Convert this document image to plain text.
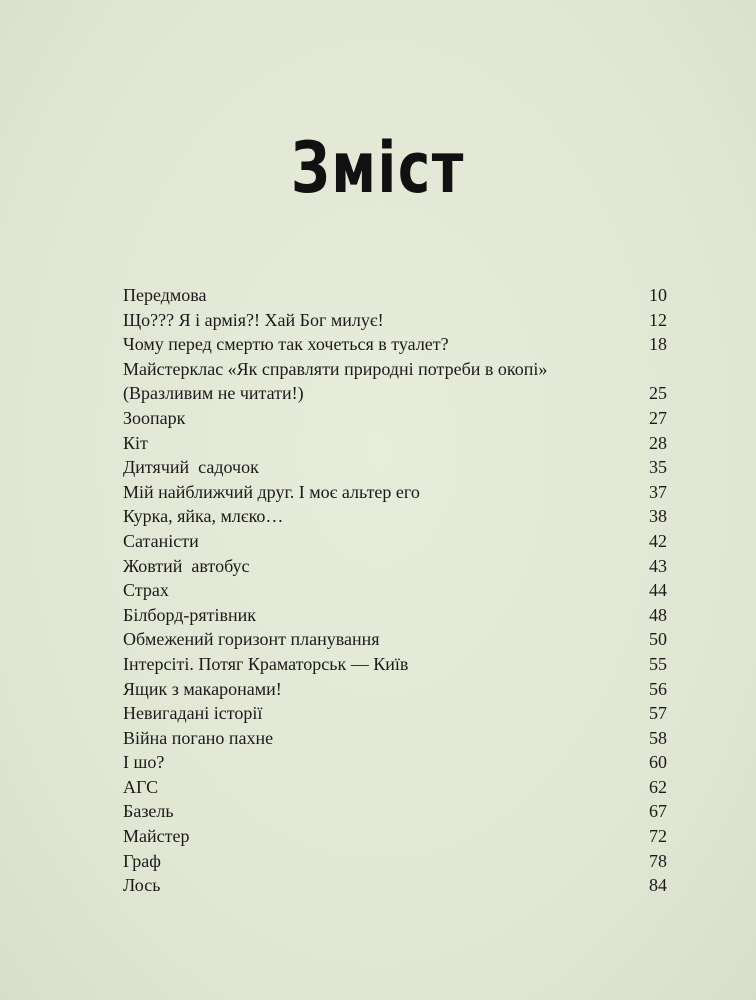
Зміст
Передмова	10
Що??? Я і армія?! Хай Бог милує!	12
Чому перед смертю так хочеться в туалет?	18
Майстерклас «Як справляти природні потреби в окопі»
(Вразливим не читати!)	25
Зоопарк	27
Кіт	28
Дитячий  садочок	35
Мій найближчий друг. І моє альтер его	37
Курка, яйка, млєко…	38
Сатаністи	42
Жовтий  автобус	43
Страх	44
Білборд-рятівник	48
Обмежений горизонт планування	50
Інтерсіті. Потяг Краматорськ — Київ	55
Ящик з макаронами!	56
Невигадані історії	57
Війна погано пахне	58
І шо?	60
АГС	62
Базель	67
Майстер	72
Граф	78
Лось	84
